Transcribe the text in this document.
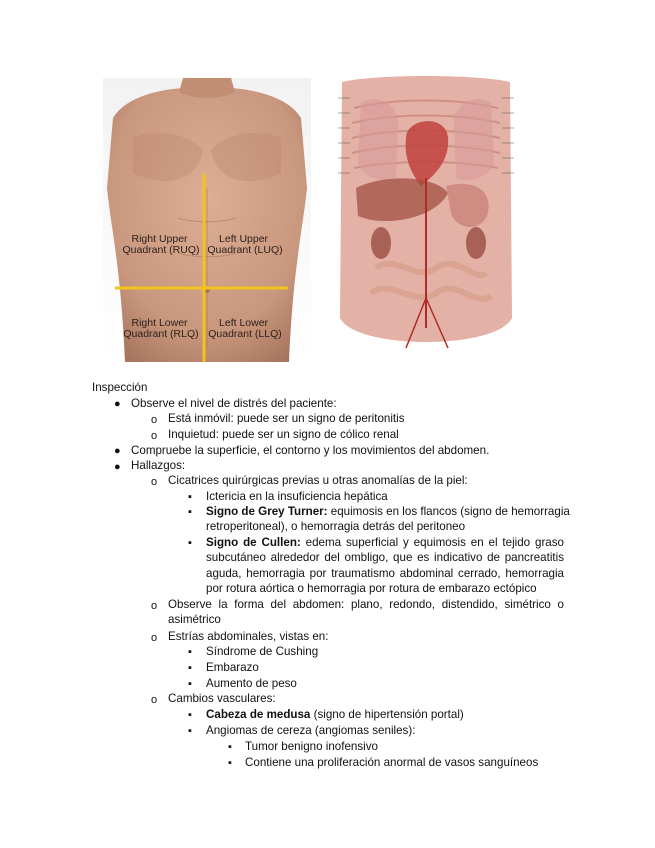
Right Upper Quadrant (RUQ)
Left Upper Quadrant (LUQ)
Right Lower Quadrant (RLQ)
Left Lower Quadrant (LLQ)
Inspección
● Observe el nivel de distrés del paciente:
o Está inmóvil: puede ser un signo de peritonitis
o Inquietud: puede ser un signo de cólico renal
● Compruebe la superficie, el contorno y los movimientos del abdomen.
● Hallazgos:
o Cicatrices quirúrgicas previas u otras anomalías de la piel:
▪ Ictericia en la insuficiencia hepática
▪ Signo de Grey Turner: equimosis en los flancos (signo de hemorragia
retroperitoneal), o hemorragia detrás del peritoneo
▪ Signo de Cullen: edema superficial y equimosis en el tejido graso
subcutáneo alrededor del ombligo, que es indicativo de pancreatitis
aguda, hemorragia por traumatismo abdominal cerrado, hemorragia
por rotura aórtica o hemorragia por rotura de embarazo ectópico
o Observe la forma del abdomen: plano, redondo, distendido, simétrico o
asimétrico
o Estrías abdominales, vistas en:
▪ Síndrome de Cushing
▪ Embarazo
▪ Aumento de peso
o Cambios vasculares:
▪ Cabeza de medusa (signo de hipertensión portal)
▪ Angiomas de cereza (angiomas seniles):
▪ Tumor benigno inofensivo
▪ Contiene una proliferación anormal de vasos sanguíneos
